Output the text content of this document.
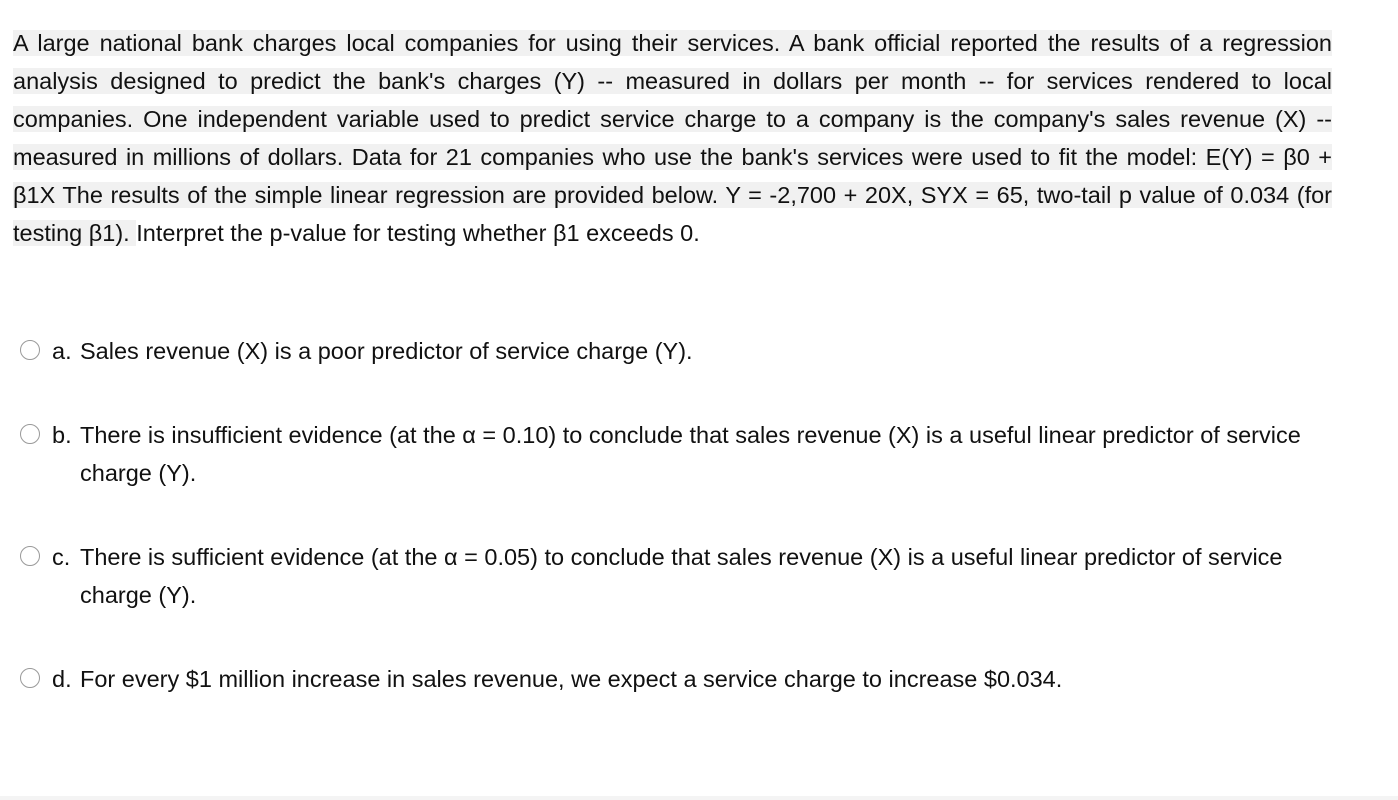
A large national bank charges local companies for using their services. A bank official reported the results of a regression analysis designed to predict the bank's charges (Y) -- measured in dollars per month -- for services rendered to local companies. One independent variable used to predict service charge to a company is the company's sales revenue (X) -- measured in millions of dollars. Data for 21 companies who use the bank's services were used to fit the model: E(Y) = β0 + β1X The results of the simple linear regression are provided below. Y = -2,700 + 20X, SYX = 65, two-tail p value of 0.034 (for testing β1). Interpret the p-value for testing whether β1 exceeds 0.
a. Sales revenue (X) is a poor predictor of service charge (Y).
b. There is insufficient evidence (at the α = 0.10) to conclude that sales revenue (X) is a useful linear predictor of service charge (Y).
c. There is sufficient evidence (at the α = 0.05) to conclude that sales revenue (X) is a useful linear predictor of service charge (Y).
d. For every $1 million increase in sales revenue, we expect a service charge to increase $0.034.
